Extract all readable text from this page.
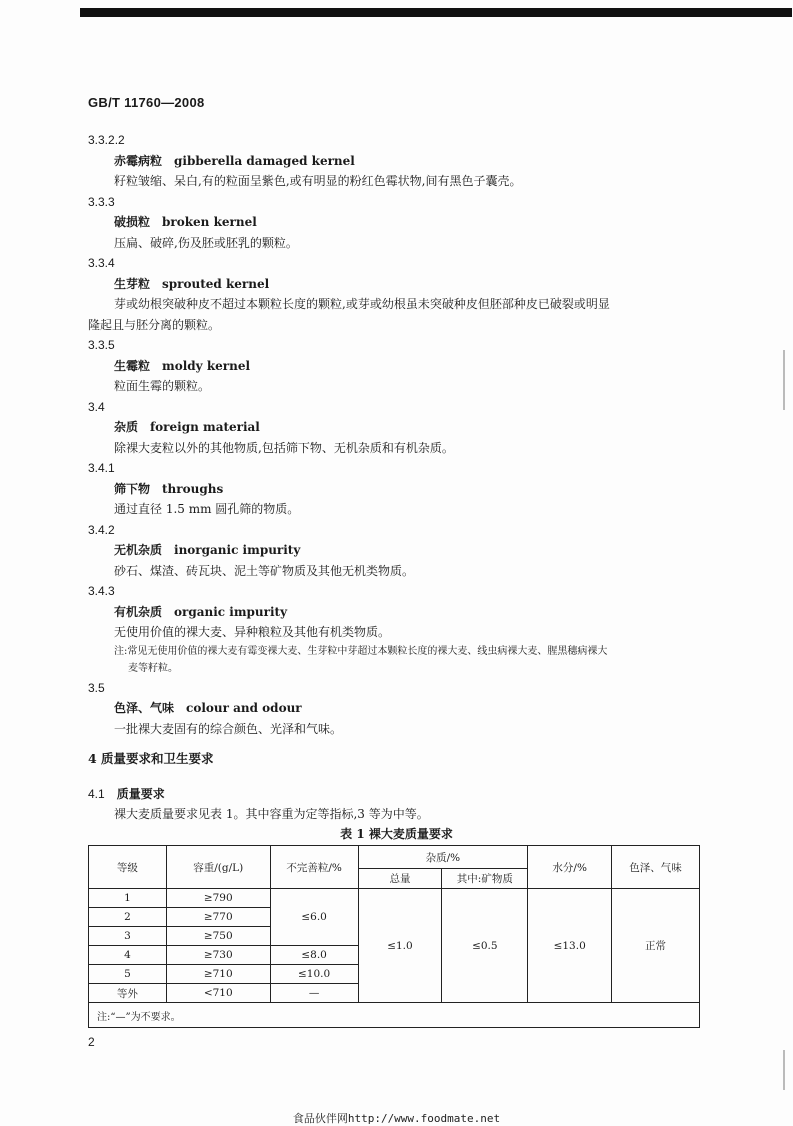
GB/T 11760—2008
3.3.2.2
赤霉病粒 gibberella damaged kernel
籽粒皱缩、呆白,有的粒面呈紫色,或有明显的粉红色霉状物,间有黑色子囊壳。
3.3.3
破损粒 broken kernel
压扁、破碎,伤及胚或胚乳的颗粒。
3.3.4
生芽粒 sprouted kernel
芽或幼根突破种皮不超过本颗粒长度的颗粒,或芽或幼根虽未突破种皮但胚部种皮已破裂或明显
隆起且与胚分离的颗粒。
3.3.5
生霉粒 moldy kernel
粒面生霉的颗粒。
3.4
杂质 foreign material
除裸大麦粒以外的其他物质,包括筛下物、无机杂质和有机杂质。
3.4.1
筛下物 throughs
通过直径 1.5 mm 圆孔筛的物质。
3.4.2
无机杂质 inorganic impurity
砂石、煤渣、砖瓦块、泥土等矿物质及其他无机类物质。
3.4.3
有机杂质 organic impurity
无使用价值的裸大麦、异种粮粒及其他有机类物质。
注:常见无使用价值的裸大麦有霉变裸大麦、生芽粒中芽超过本颗粒长度的裸大麦、线虫病裸大麦、腥黑穗病裸大
麦等籽粒。
3.5
色泽、气味 colour and odour
一批裸大麦固有的综合颜色、光泽和气味。
4 质量要求和卫生要求
4.1 质量要求
裸大麦质量要求见表 1。其中容重为定等指标,3 等为中等。
表 1 裸大麦质量要求
等级	容重/(g/L)	不完善粒/%	杂质/%		水分/%	色泽、气味
			总量	其中:矿物质		
1	≥790	≤6.0	≤1.0	≤0.5	≤13.0	正常
2	≥770					
3	≥750					
4	≥730	≤8.0				
5	≥710	≤10.0				
等外	<710	—				
注:“—”为不要求。						
2
食品伙伴网http://www.foodmate.net
